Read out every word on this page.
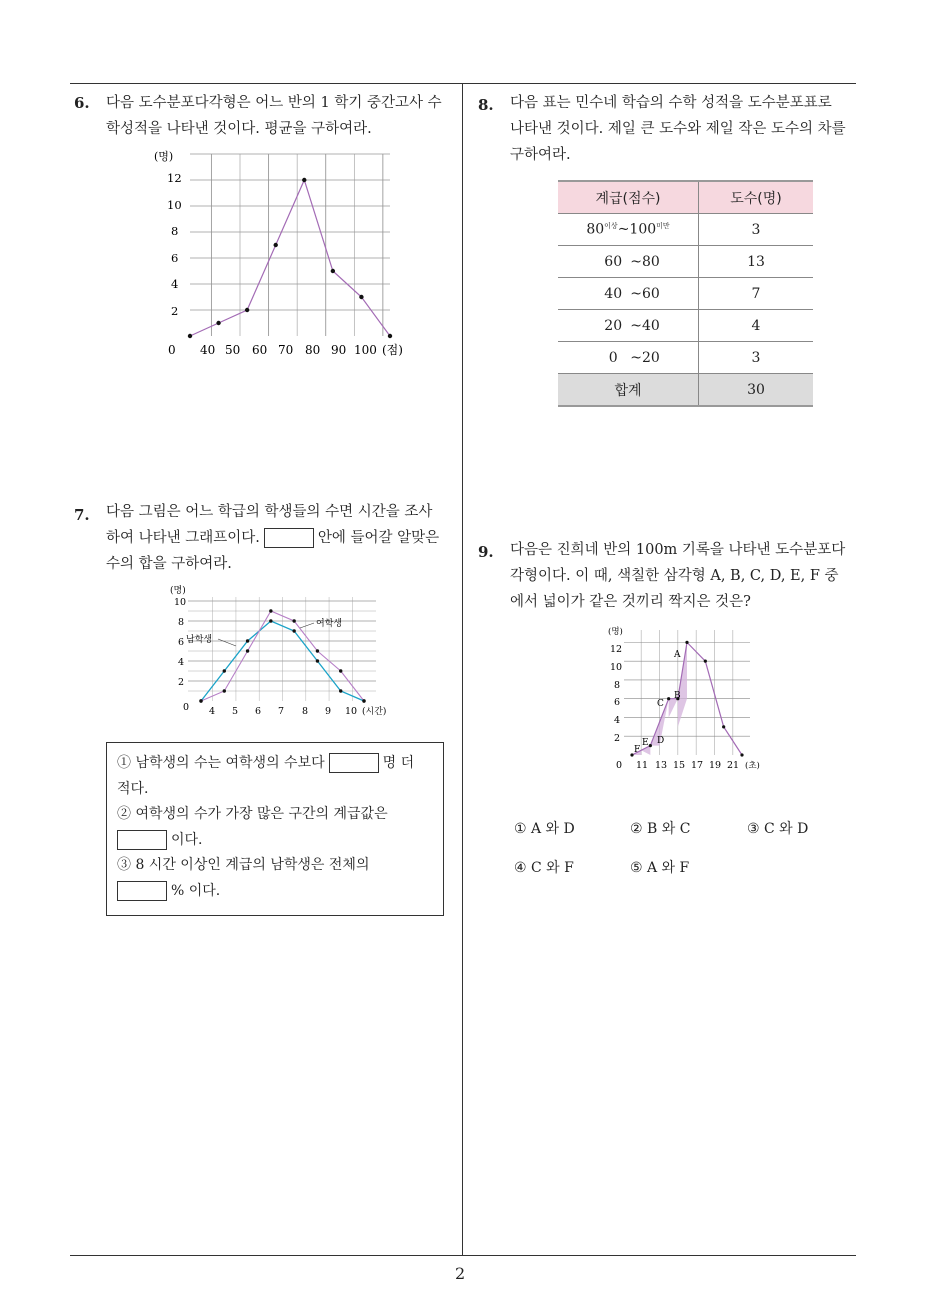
6. 다음 도수분포다각형은 어느 반의 1 학기 중간고사 수
학성적을 나타낸 것이다. 평균을 구하여라.
(명)
12
10
8
6
4
2
0 40 50 60 70 80 90 100 (점)
7. 다음 그림은 어느 학급의 학생들의 수면 시간을 조사
하여 나타낸 그래프이다.	안에 들어갈 알맞은
수의 합을 구하여라.
(명)
10
8
6
4
2
0 4 5 6 7 8 9 10 (시간)
남학생
여학생

① 남학생의 수는 여학생의 수보다	명 더

적다.

② 여학생의 수가 가장 많은 구간의 계급값은

이다.

③ 8 시간 이상인 계급의 남학생은 전체의

% 이다.

8. 다음 표는 민수네 학습의 수학 성적을 도수분포표로
나타낸 것이다. 제일 큰 도수와 제일 작은 도수의 차를
구하여라.
계급(점수)	도수(명)
$80^{이상}\sim 100^{미만}$	3
60 ~80	13
40 ~60	7
20 ~40	4
0 ~20	3
합계	30
9. 다음은 진희네 반의 100m 기록을 나타낸 도수분포다
각형이다. 이 때, 색칠한 삼각형 A, B, C, D, E, F 중
에서 넓이가 같은 것끼리 짝지은 것은?
(명)
12
10
8
6
4
2
0 11 13 15 17 19 21 (초)
A
B
C
D
E
F
① A 와 D	② B 와 C	③ C 와 D
④ C 와 F	⑤ A 와 F
2
